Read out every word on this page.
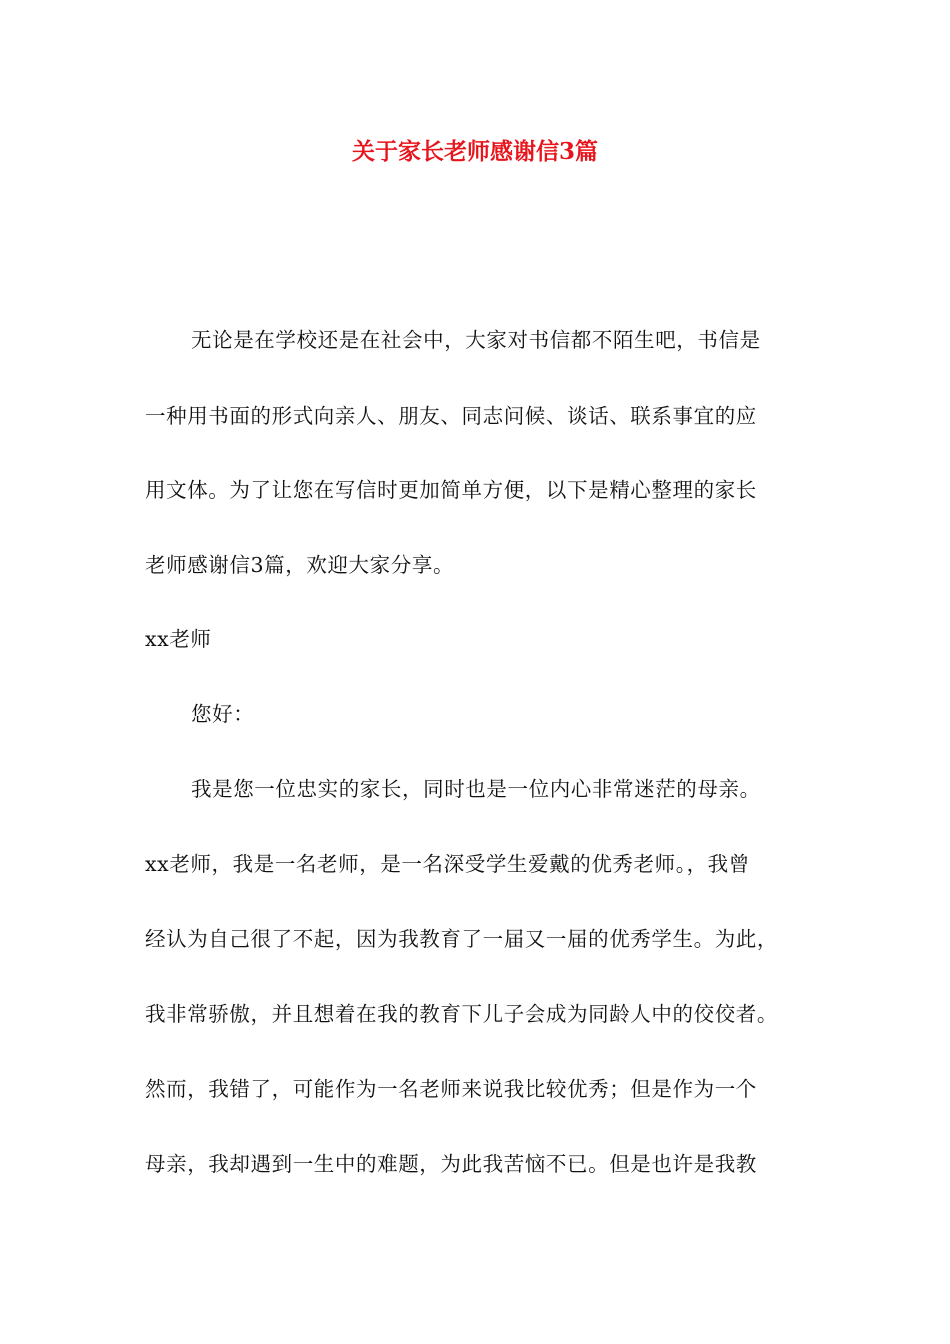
关于家长老师感谢信3篇
无论是在学校还是在社会中，大家对书信都不陌生吧，书信是
一种用书面的形式向亲人、朋友、同志问候、谈话、联系事宜的应
用文体。为了让您在写信时更加简单方便，以下是精心整理的家长
老师感谢信3篇，欢迎大家分享。
xx老师
您好：
我是您一位忠实的家长，同时也是一位内心非常迷茫的母亲。
xx老师，我是一名老师，是一名深受学生爱戴的优秀老师。，我曾
经认为自己很了不起，因为我教育了一届又一届的优秀学生。为此，
我非常骄傲，并且想着在我的教育下儿子会成为同龄人中的佼佼者。
然而，我错了，可能作为一名老师来说我比较优秀；但是作为一个
母亲，我却遇到一生中的难题，为此我苦恼不已。但是也许是我教
